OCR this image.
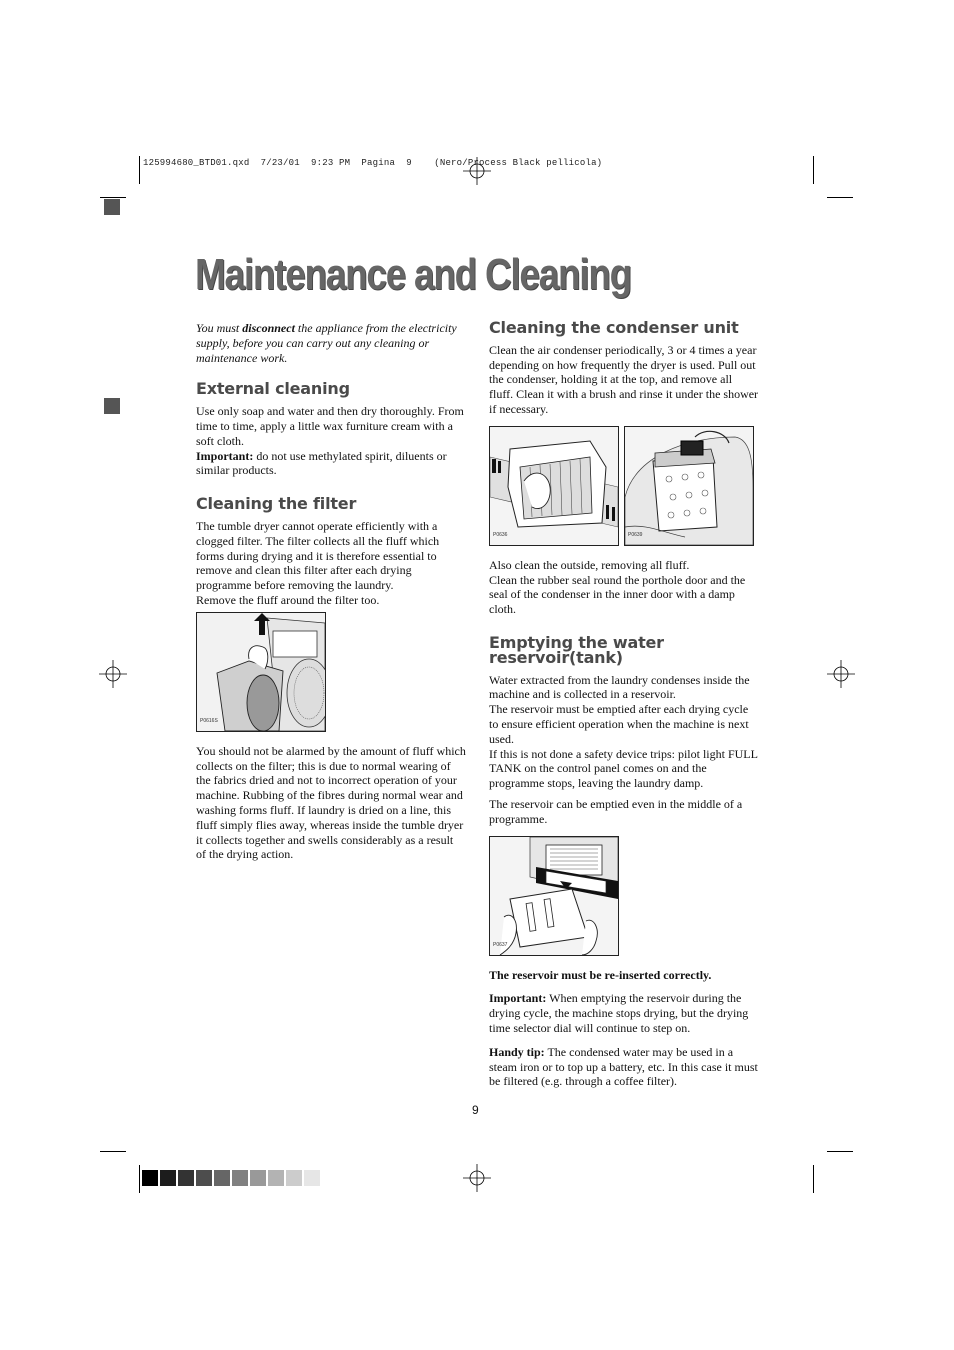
125994680_BTD01.qxd  7/23/01  9:23 PM  Pagina  9    (Nero/Process Black pellicola)
Maintenance and Cleaning

You must disconnect the appliance from the electricity supply, before you can carry out any cleaning or maintenance work.

External cleaning

Use only soap and water and then dry thoroughly. From time to time, apply a little wax furniture cream with a soft cloth.

Important: do not use methylated spirit, diluents or similar products.

Cleaning the filter

The tumble dryer cannot operate efficiently with a clogged filter. The filter collects all the fluff which forms during drying and it is therefore essential to remove and clean this filter after each drying programme before removing the laundry.

Remove the fluff around the filter too.

P0616S

You should not be alarmed by the amount of fluff which collects on the filter; this is due to normal wearing of the fabrics dried and not to incorrect operation of your machine. Rubbing of the fibres during normal wear and washing forms fluff. If laundry is dried on a line, this fluff simply flies away, whereas inside the tumble dryer it collects together and swells considerably as a result of the drying action.

Cleaning the condenser unit

Clean the air condenser periodically, 3 or 4 times a year depending on how frequently the dryer is used. Pull out the condenser, holding it at the top, and remove all fluff. Clean it with a brush and rinse it under the shower if necessary.

P0636	P0639

Also clean the outside, removing all fluff.

Clean the rubber seal round the porthole door and the seal of the condenser in the inner door with a damp cloth.

Emptying the water reservoir(tank)

Water extracted from the laundry condenses inside the machine and is collected in a reservoir.

The reservoir must be emptied after each drying cycle to ensure efficient operation when the machine is next used.

If this is not done a safety device trips: pilot light FULL TANK on the control panel comes on and the programme stops, leaving the laundry damp.

The reservoir can be emptied even in the middle of a programme.

P0637

The reservoir must be re-inserted correctly.

Important: When emptying the reservoir during the drying cycle, the machine stops drying, but the drying time selector dial will continue to step on.

Handy tip: The condensed water may be used in a steam iron or to top up a battery, etc. In this case it must be filtered (e.g. through a coffee filter).

9
